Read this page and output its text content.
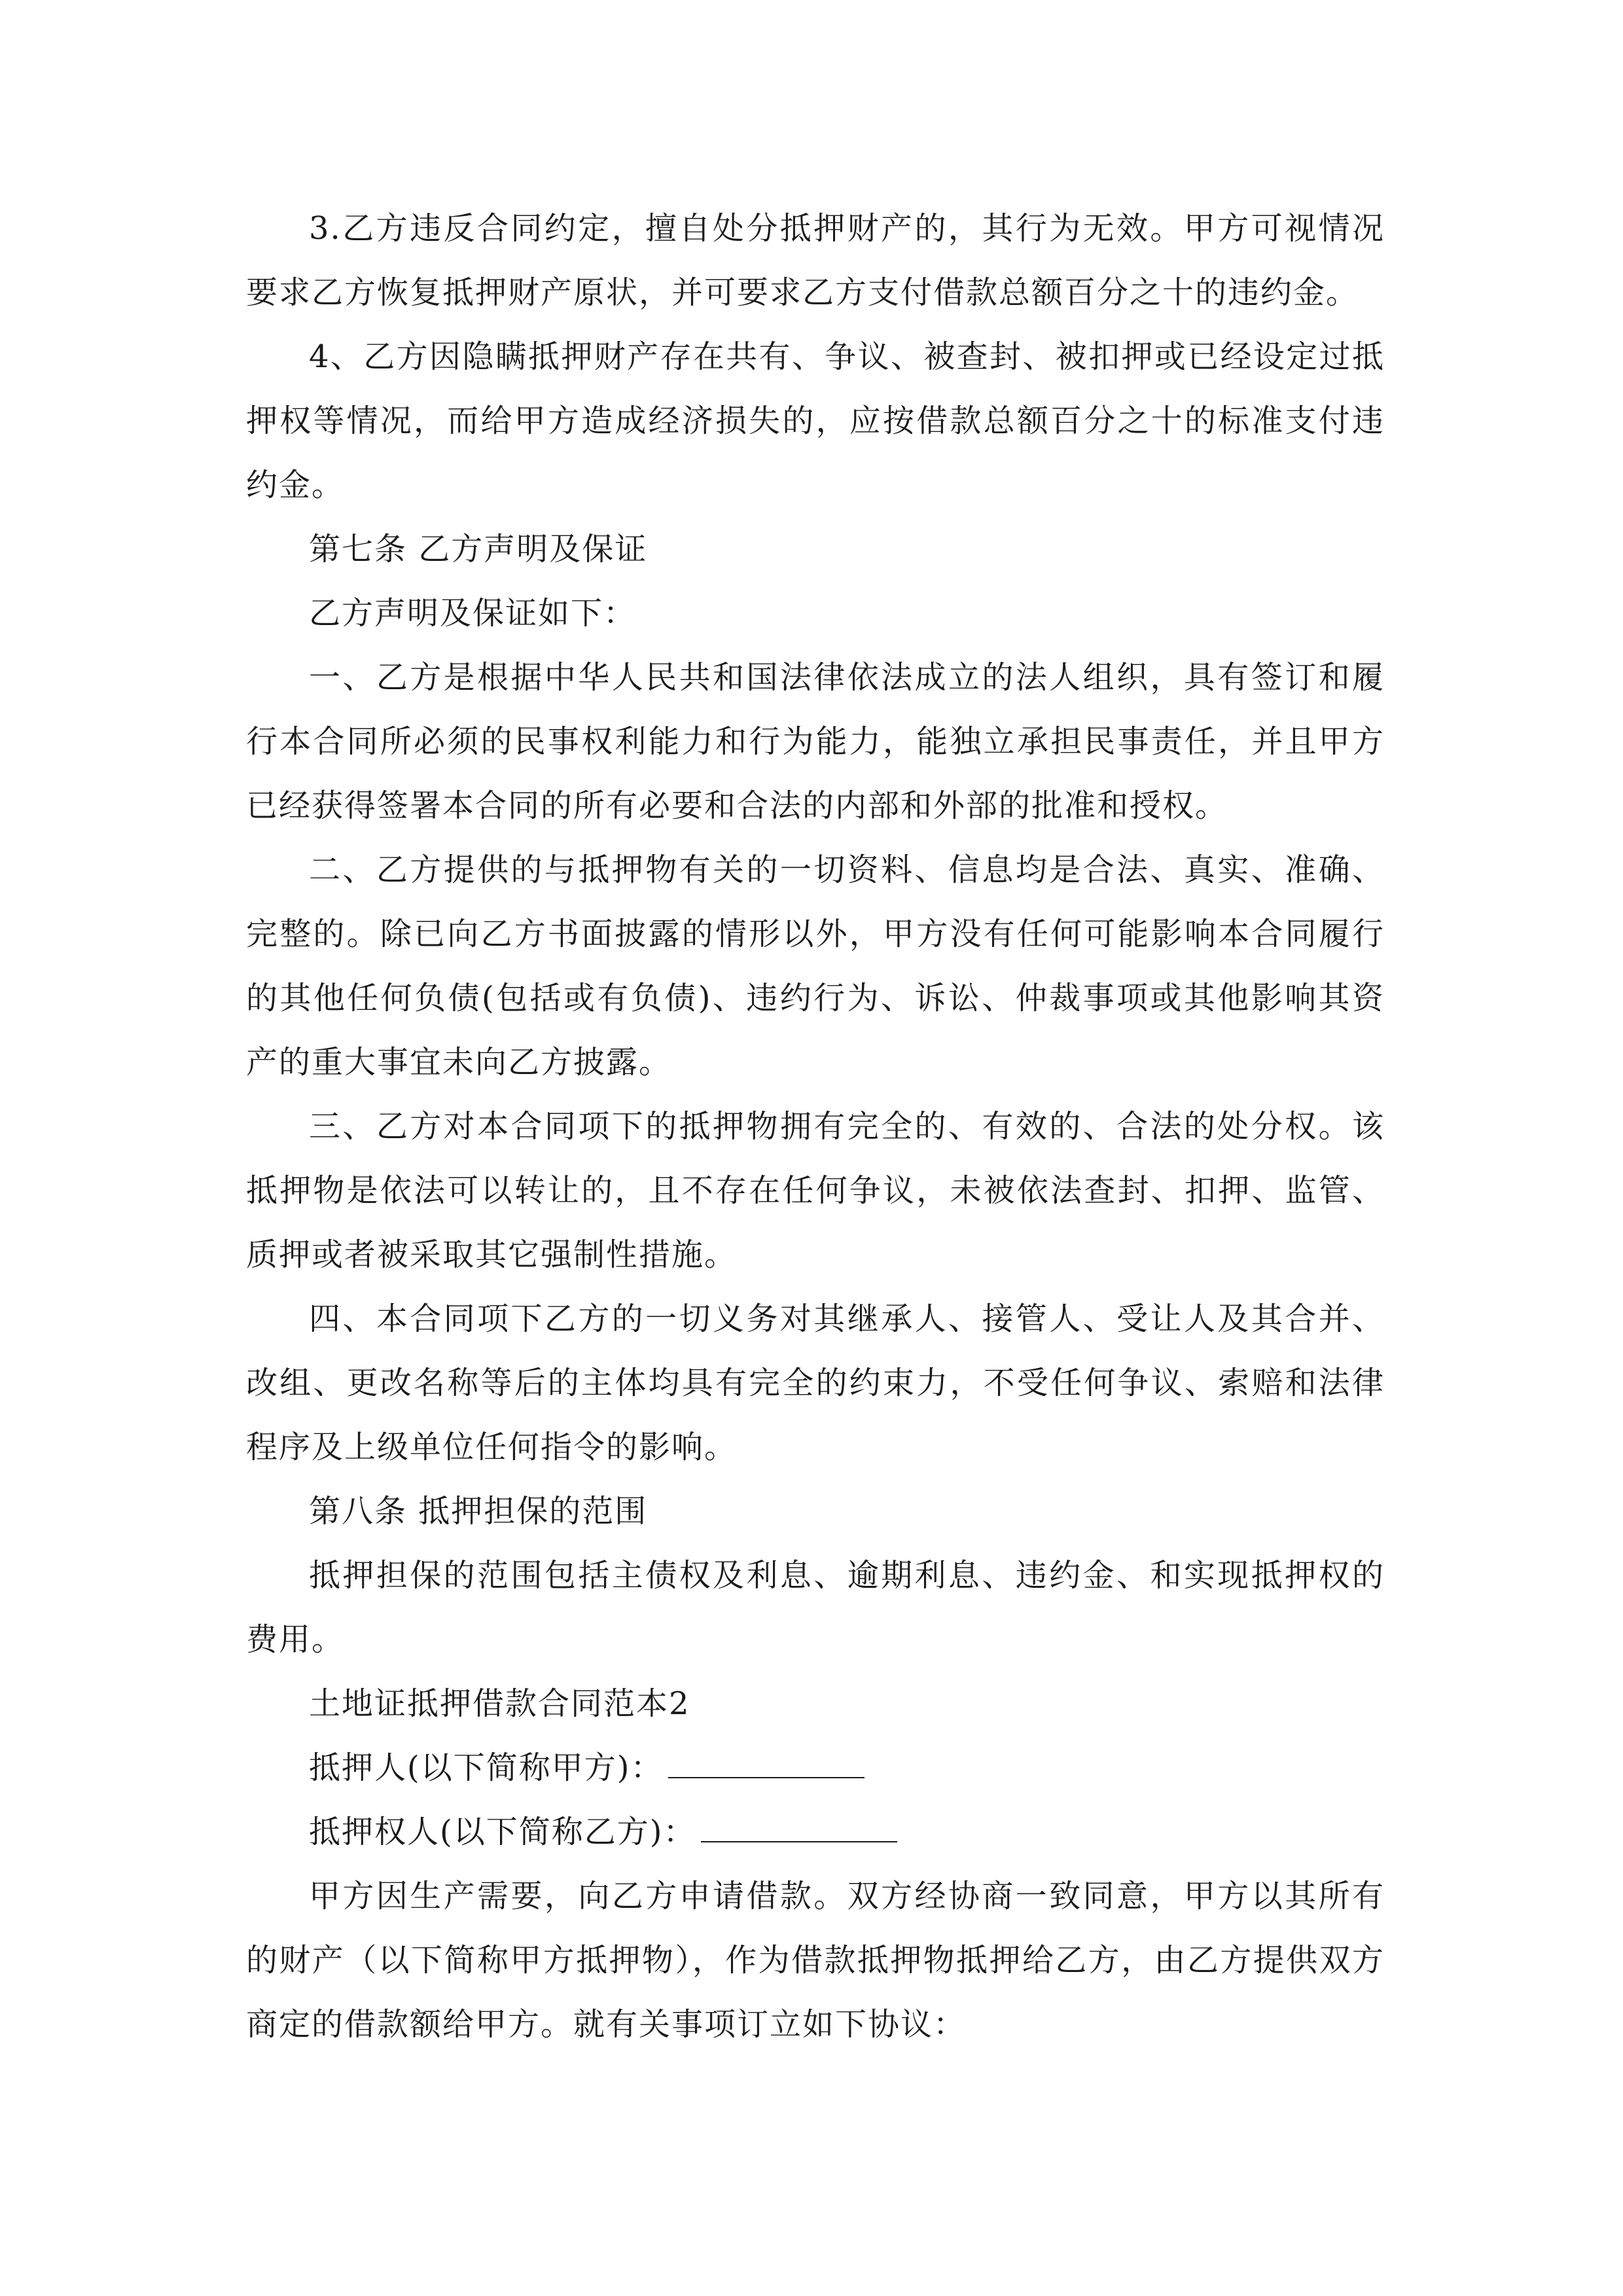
3.乙方违反合同约定，擅自处分抵押财产的，其行为无效。甲方可视情况要求乙方恢复抵押财产原状，并可要求乙方支付借款总额百分之十的违约金。

4、乙方因隐瞒抵押财产存在共有、争议、被查封、被扣押或已经设定过抵押权等情况，而给甲方造成经济损失的，应按借款总额百分之十的标准支付违约金。

第七条 乙方声明及保证

乙方声明及保证如下：

一、乙方是根据中华人民共和国法律依法成立的法人组织，具有签订和履行本合同所必须的民事权利能力和行为能力，能独立承担民事责任，并且甲方已经获得签署本合同的所有必要和合法的内部和外部的批准和授权。

二、乙方提供的与抵押物有关的一切资料、信息均是合法、真实、准确、完整的。除已向乙方书面披露的情形以外，甲方没有任何可能影响本合同履行的其他任何负债(包括或有负债)、违约行为、诉讼、仲裁事项或其他影响其资产的重大事宜未向乙方披露。

三、乙方对本合同项下的抵押物拥有完全的、有效的、合法的处分权。该抵押物是依法可以转让的，且不存在任何争议，未被依法查封、扣押、监管、质押或者被采取其它强制性措施。

四、本合同项下乙方的一切义务对其继承人、接管人、受让人及其合并、改组、更改名称等后的主体均具有完全的约束力，不受任何争议、索赔和法律程序及上级单位任何指令的影响。

第八条 抵押担保的范围

抵押担保的范围包括主债权及利息、逾期利息、违约金、和实现抵押权的费用。

土地证抵押借款合同范本2

抵押人(以下简称甲方)：

抵押权人(以下简称乙方)：

甲方因生产需要，向乙方申请借款。双方经协商一致同意，甲方以其所有的财产（以下简称甲方抵押物），作为借款抵押物抵押给乙方，由乙方提供双方商定的借款额给甲方。就有关事项订立如下协议：
